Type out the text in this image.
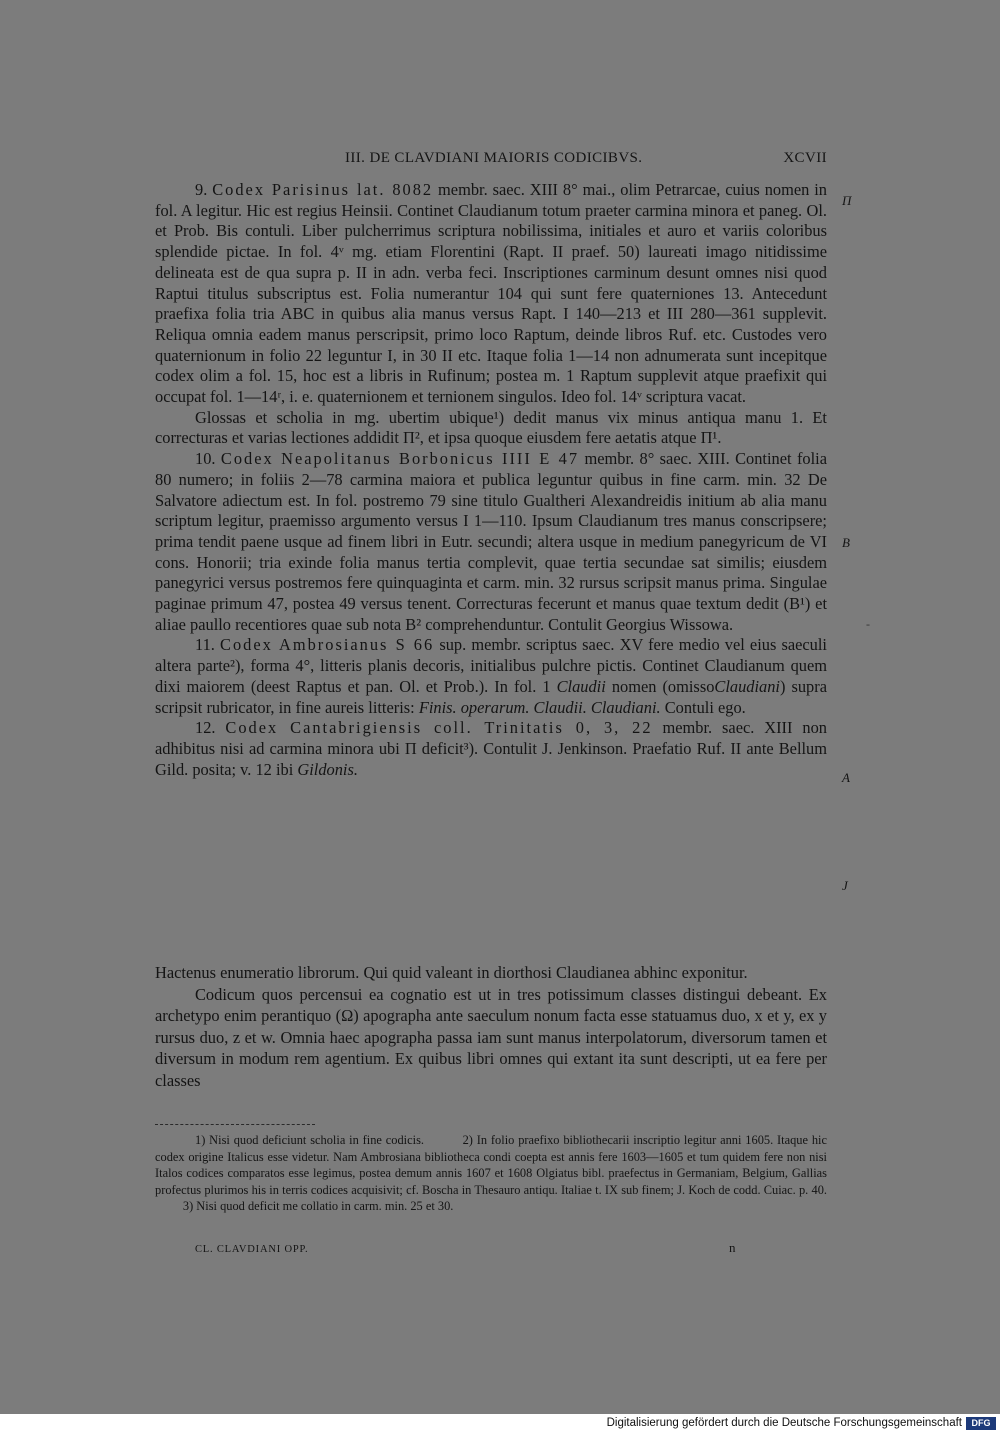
III. DE CLAVDIANI MAIORIS CODICIBVS.	XCVII
Π
B
A
J
-

9. Codex Parisinus lat. 8082 membr. saec. XIII 8° mai., olim Petrarcae, cuius nomen in fol. A legitur. Hic est regius Heinsii. Continet Claudianum totum praeter carmina minora et paneg. Ol. et Prob. Bis contuli. Liber pulcherrimus scriptura nobilissima, initiales et auro et variis coloribus splendide pictae. In fol. 4ᵛ mg. etiam Florentini (Rapt. II praef. 50) laureati imago nitidissime delineata est de qua supra p. II in adn. verba feci. Inscriptiones carminum desunt omnes nisi quod Raptui titulus subscriptus est. Folia numerantur 104 qui sunt fere quaterniones 13. Antecedunt praefixa folia tria ABC in quibus alia manus versus Rapt. I 140—213 et III 280—361 supplevit. Reliqua omnia eadem manus perscripsit, primo loco Raptum, deinde libros Ruf. etc. Custodes vero quaternionum in folio 22 leguntur I, in 30 II etc. Itaque folia 1—14 non adnumerata sunt incepitque codex olim a fol. 15, hoc est a libris in Rufinum; postea m. 1 Raptum supplevit atque praefixit qui occupat fol. 1—14ʳ, i. e. quaternionem et ternionem singulos. Ideo fol. 14ᵛ scriptura vacat.

Glossas et scholia in mg. ubertim ubique¹) dedit manus vix minus antiqua manu 1. Et correcturas et varias lectiones addidit Π², et ipsa quoque eiusdem fere aetatis atque Π¹.

10. Codex Neapolitanus Borbonicus IIII E 47 membr. 8° saec. XIII. Continet folia 80 numero; in foliis 2—78 carmina maiora et publica leguntur quibus in fine carm. min. 32 De Salvatore adiectum est. In fol. postremo 79 sine titulo Gualtheri Alexandreidis initium ab alia manu scriptum legitur, praemisso argumento versus I 1—110. Ipsum Claudianum tres manus conscripsere; prima tendit paene usque ad finem libri in Eutr. secundi; altera usque in medium panegyricum de VI cons. Honorii; tria exinde folia manus tertia complevit, quae tertia secundae sat similis; eiusdem panegyrici versus postremos fere quinquaginta et carm. min. 32 rursus scripsit manus prima. Singulae paginae primum 47, postea 49 versus tenent. Correcturas fecerunt et manus quae textum dedit (B¹) et aliae paullo recentiores quae sub nota B² comprehenduntur. Contulit Georgius Wissowa.

11. Codex Ambrosianus S 66 sup. membr. scriptus saec. XV fere medio vel eius saeculi altera parte²), forma 4°, litteris planis decoris, initialibus pulchre pictis. Continet Claudianum quem dixi maiorem (deest Raptus et pan. Ol. et Prob.). In fol. 1 Claudii nomen (omissoClaudiani) supra scripsit rubricator, in fine aureis litteris: Finis. operarum. Claudii. Claudiani. Contuli ego.

12. Codex Cantabrigiensis coll. Trinitatis 0, 3, 22 membr. saec. XIII non adhibitus nisi ad carmina minora ubi Π deficit³). Contulit J. Jenkinson. Praefatio Ruf. II ante Bellum Gild. posita; v. 12 ibi Gildonis.

Hactenus enumeratio librorum. Qui quid valeant in diorthosi Claudianea abhinc exponitur.

Codicum quos percensui ea cognatio est ut in tres potissimum classes distingui debeant. Ex archetypo enim perantiquo (Ω) apographa ante saeculum nonum facta esse statuamus duo, x et y, ex y rursus duo, z et w. Omnia haec apographa passa iam sunt manus interpolatorum, diversorum tamen et diversum in modum rem agentium. Ex quibus libri omnes qui extant ita sunt descripti, ut ea fere per classes

1) Nisi quod deficiunt scholia in fine codicis.	2) In folio praefixo bibliothecarii inscriptio legitur anni 1605. Itaque hic codex origine Italicus esse videtur. Nam Ambrosiana bibliotheca condi coepta est annis fere 1603—1605 et tum quidem fere non nisi Italos codices comparatos esse legimus, postea demum annis 1607 et 1608 Olgiatus bibl. praefectus in Germaniam, Belgium, Gallias profectus plurimos his in terris codices acquisivit; cf. Boscha in Thesauro antiqu. Italiae t. IX sub finem; J. Koch de codd. Cuiac. p. 40.          3) Nisi quod deficit me collatio in carm. min. 25 et 30.

CL. CLAVDIANI OPP.	n
Digitalisierung gefördert durch die Deutsche Forschungsgemeinschaft	DFG
